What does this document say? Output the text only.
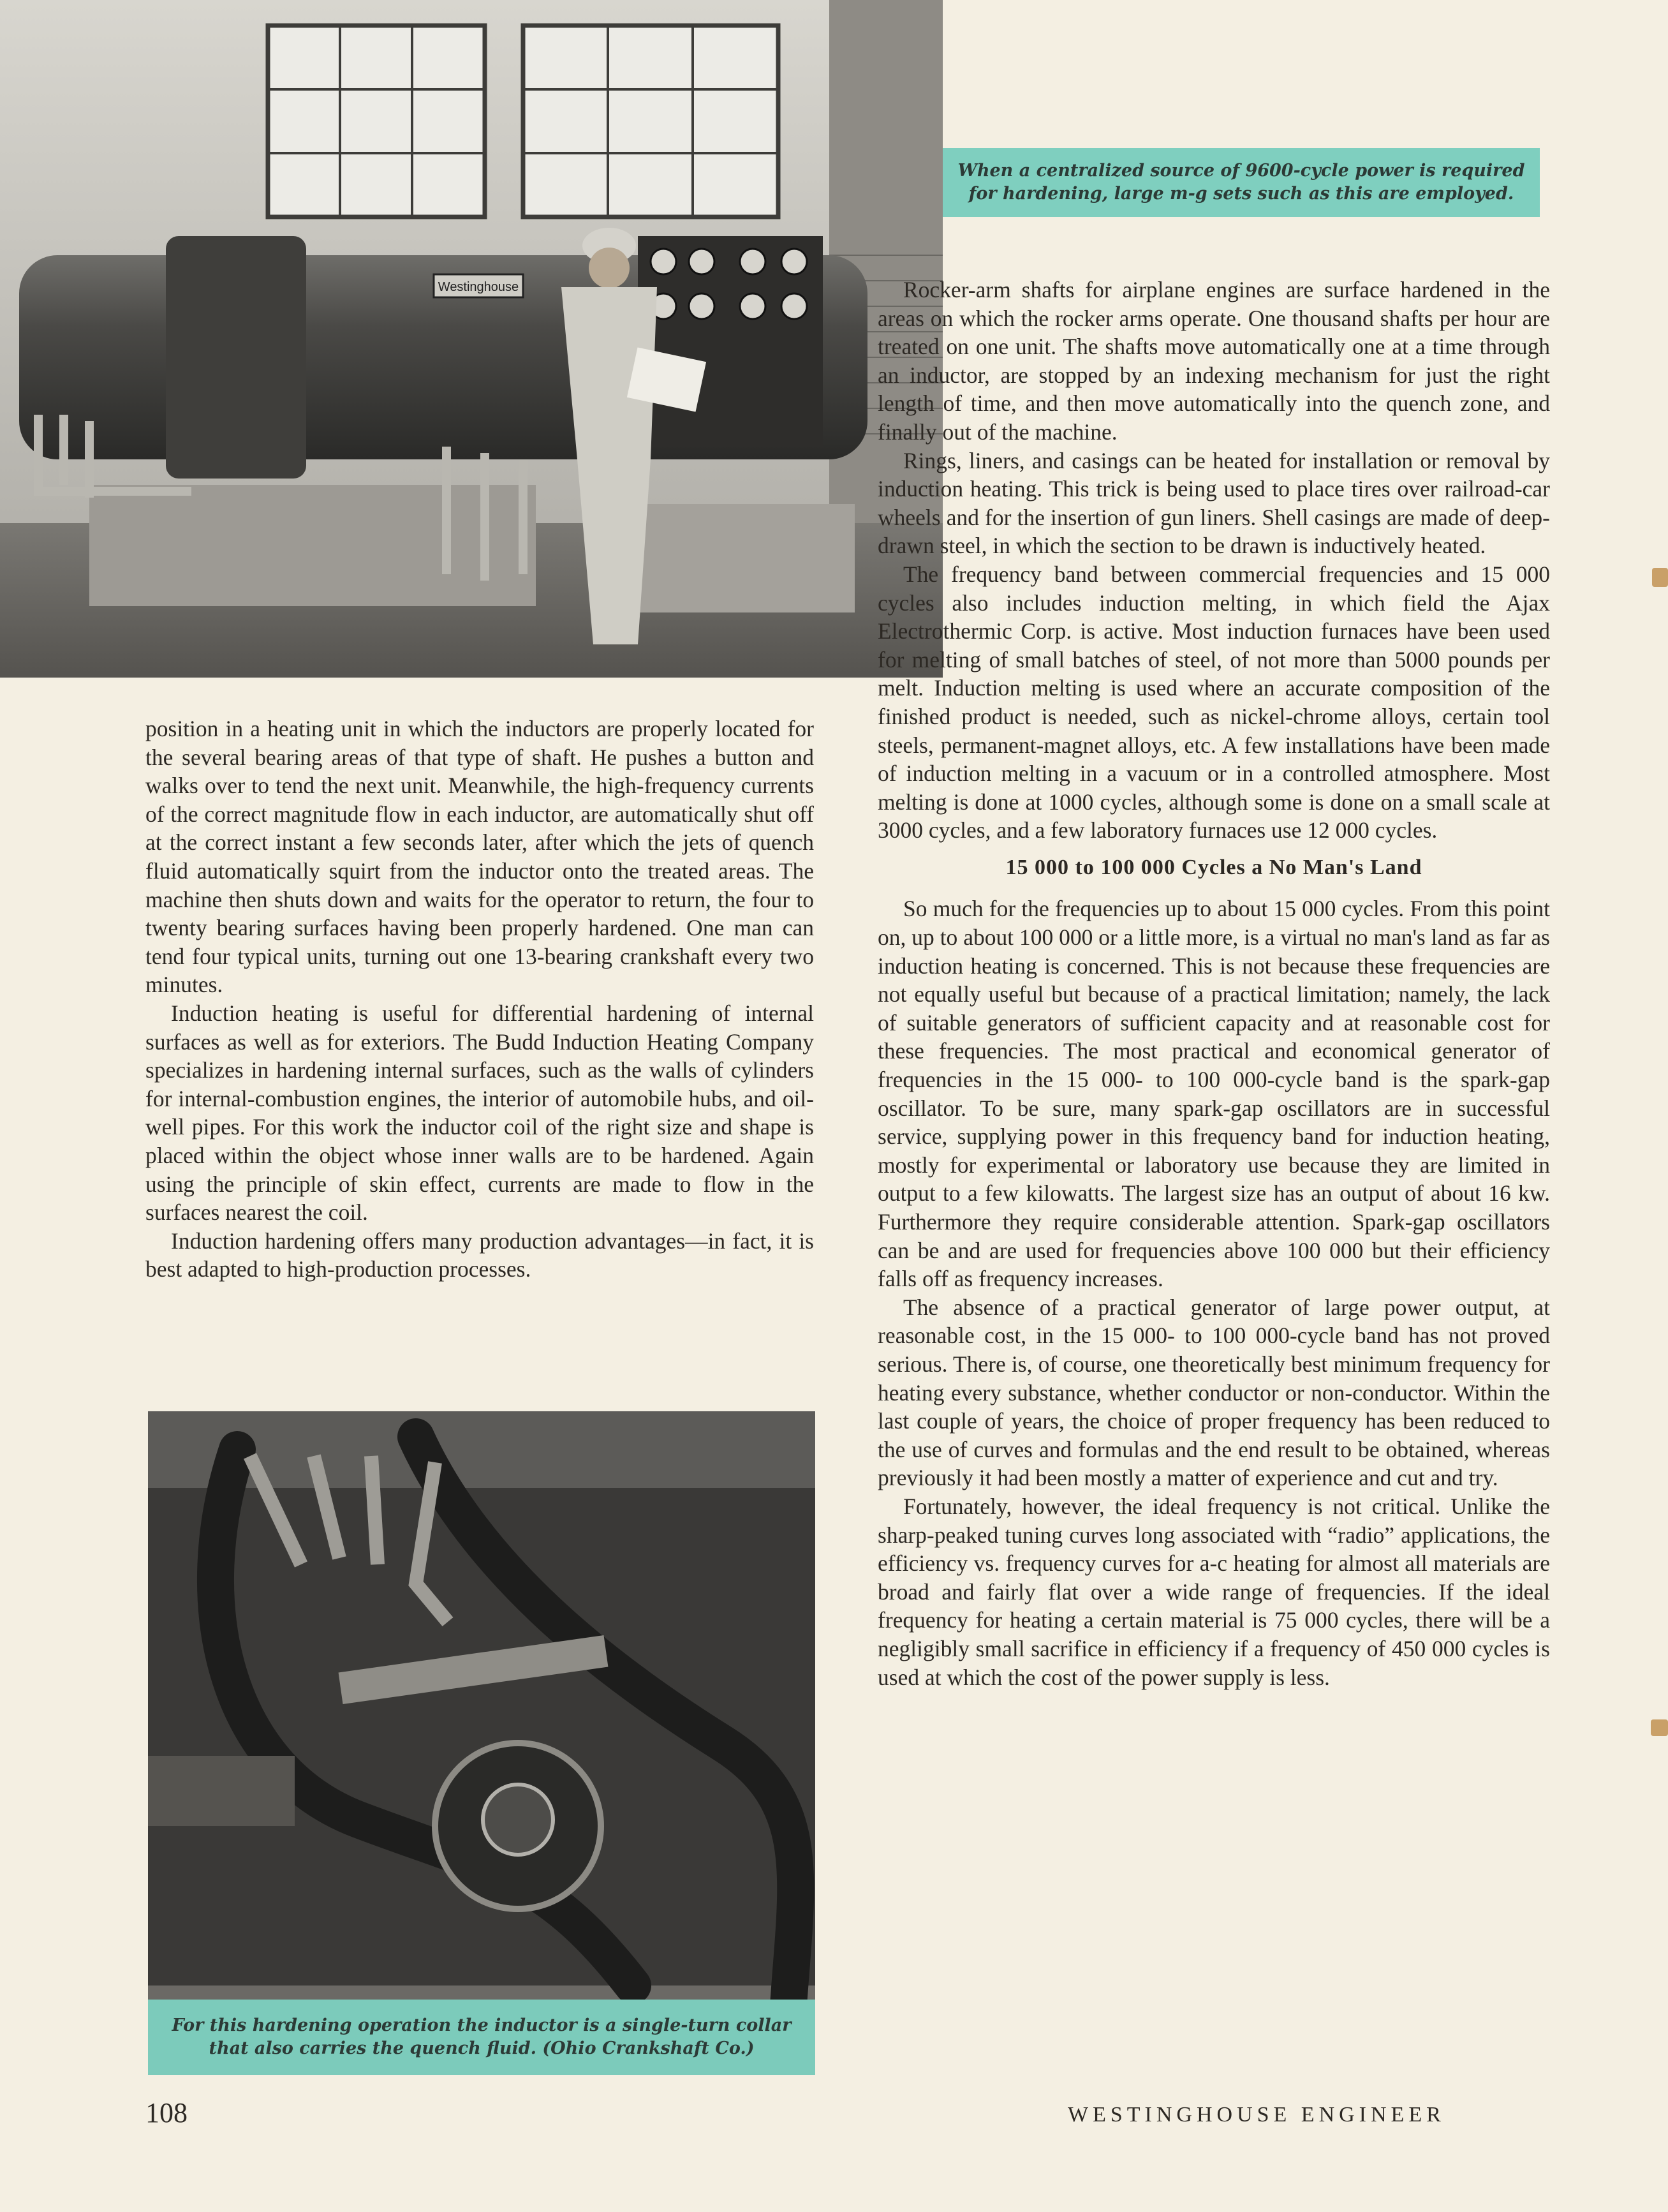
Westinghouse
When a centralized source of 9600-cycle power is required for hardening, large m-g sets such as this are employed.

position in a heating unit in which the inductors are properly located for the several bearing areas of that type of shaft. He pushes a button and walks over to tend the next unit. Meanwhile, the high-frequency currents of the correct magnitude flow in each inductor, are automatically shut off at the correct instant a few seconds later, after which the jets of quench fluid automatically squirt from the inductor onto the treated areas. The machine then shuts down and waits for the operator to return, the four to twenty bearing surfaces having been properly hardened. One man can tend four typical units, turning out one 13-bearing crankshaft every two minutes.

Induction heating is useful for differential hardening of internal surfaces as well as for exteriors. The Budd Induction Heating Company specializes in hardening internal surfaces, such as the walls of cylinders for internal-combustion engines, the interior of automobile hubs, and oil-well pipes. For this work the inductor coil of the right size and shape is placed within the object whose inner walls are to be hardened. Again using the principle of skin effect, currents are made to flow in the surfaces nearest the coil.

Induction hardening offers many production advantages—in fact, it is best adapted to high-production processes.

For this hardening operation the inductor is a single-turn collar that also carries the quench fluid. (Ohio Crankshaft Co.)

Rocker-arm shafts for airplane engines are surface hardened in the areas on which the rocker arms operate. One thousand shafts per hour are treated on one unit. The shafts move automatically one at a time through an inductor, are stopped by an indexing mechanism for just the right length of time, and then move automatically into the quench zone, and finally out of the machine.

Rings, liners, and casings can be heated for installation or removal by induction heating. This trick is being used to place tires over railroad-car wheels and for the insertion of gun liners. Shell casings are made of deep-drawn steel, in which the section to be drawn is inductively heated.

The frequency band between commercial frequencies and 15 000 cycles also includes induction melting, in which field the Ajax Electrothermic Corp. is active. Most induction furnaces have been used for melting of small batches of steel, of not more than 5000 pounds per melt. Induction melting is used where an accurate composition of the finished product is needed, such as nickel-chrome alloys, certain tool steels, permanent-magnet alloys, etc. A few installations have been made of induction melting in a vacuum or in a controlled atmosphere. Most melting is done at 1000 cycles, although some is done on a small scale at 3000 cycles, and a few laboratory furnaces use 12 000 cycles.

15 000 to 100 000 Cycles a No Man's Land

So much for the frequencies up to about 15 000 cycles. From this point on, up to about 100 000 or a little more, is a virtual no man's land as far as induction heating is concerned. This is not because these frequencies are not equally useful but because of a practical limitation; namely, the lack of suitable generators of sufficient capacity and at reasonable cost for these frequencies. The most practical and economical generator of frequencies in the 15 000- to 100 000-cycle band is the spark-gap oscillator. To be sure, many spark-gap oscillators are in successful service, supplying power in this frequency band for induction heating, mostly for experimental or laboratory use because they are limited in output to a few kilowatts. The largest size has an output of about 16 kw. Furthermore they require considerable attention. Spark-gap oscillators can be and are used for frequencies above 100 000 but their efficiency falls off as frequency increases.

The absence of a practical generator of large power output, at reasonable cost, in the 15 000- to 100 000-cycle band has not proved serious. There is, of course, one theoretically best minimum frequency for heating every substance, whether conductor or non-conductor. Within the last couple of years, the choice of proper frequency has been reduced to the use of curves and formulas and the end result to be obtained, whereas previously it had been mostly a matter of experience and cut and try.

Fortunately, however, the ideal frequency is not critical. Unlike the sharp-peaked tuning curves long associated with “radio” applications, the efficiency vs. frequency curves for a-c heating for almost all materials are broad and fairly flat over a wide range of frequencies. If the ideal frequency for heating a certain material is 75 000 cycles, there will be a negligibly small sacrifice in efficiency if a frequency of 450 000 cycles is used at which the cost of the power supply is less.

108	WESTINGHOUSE ENGINEER
